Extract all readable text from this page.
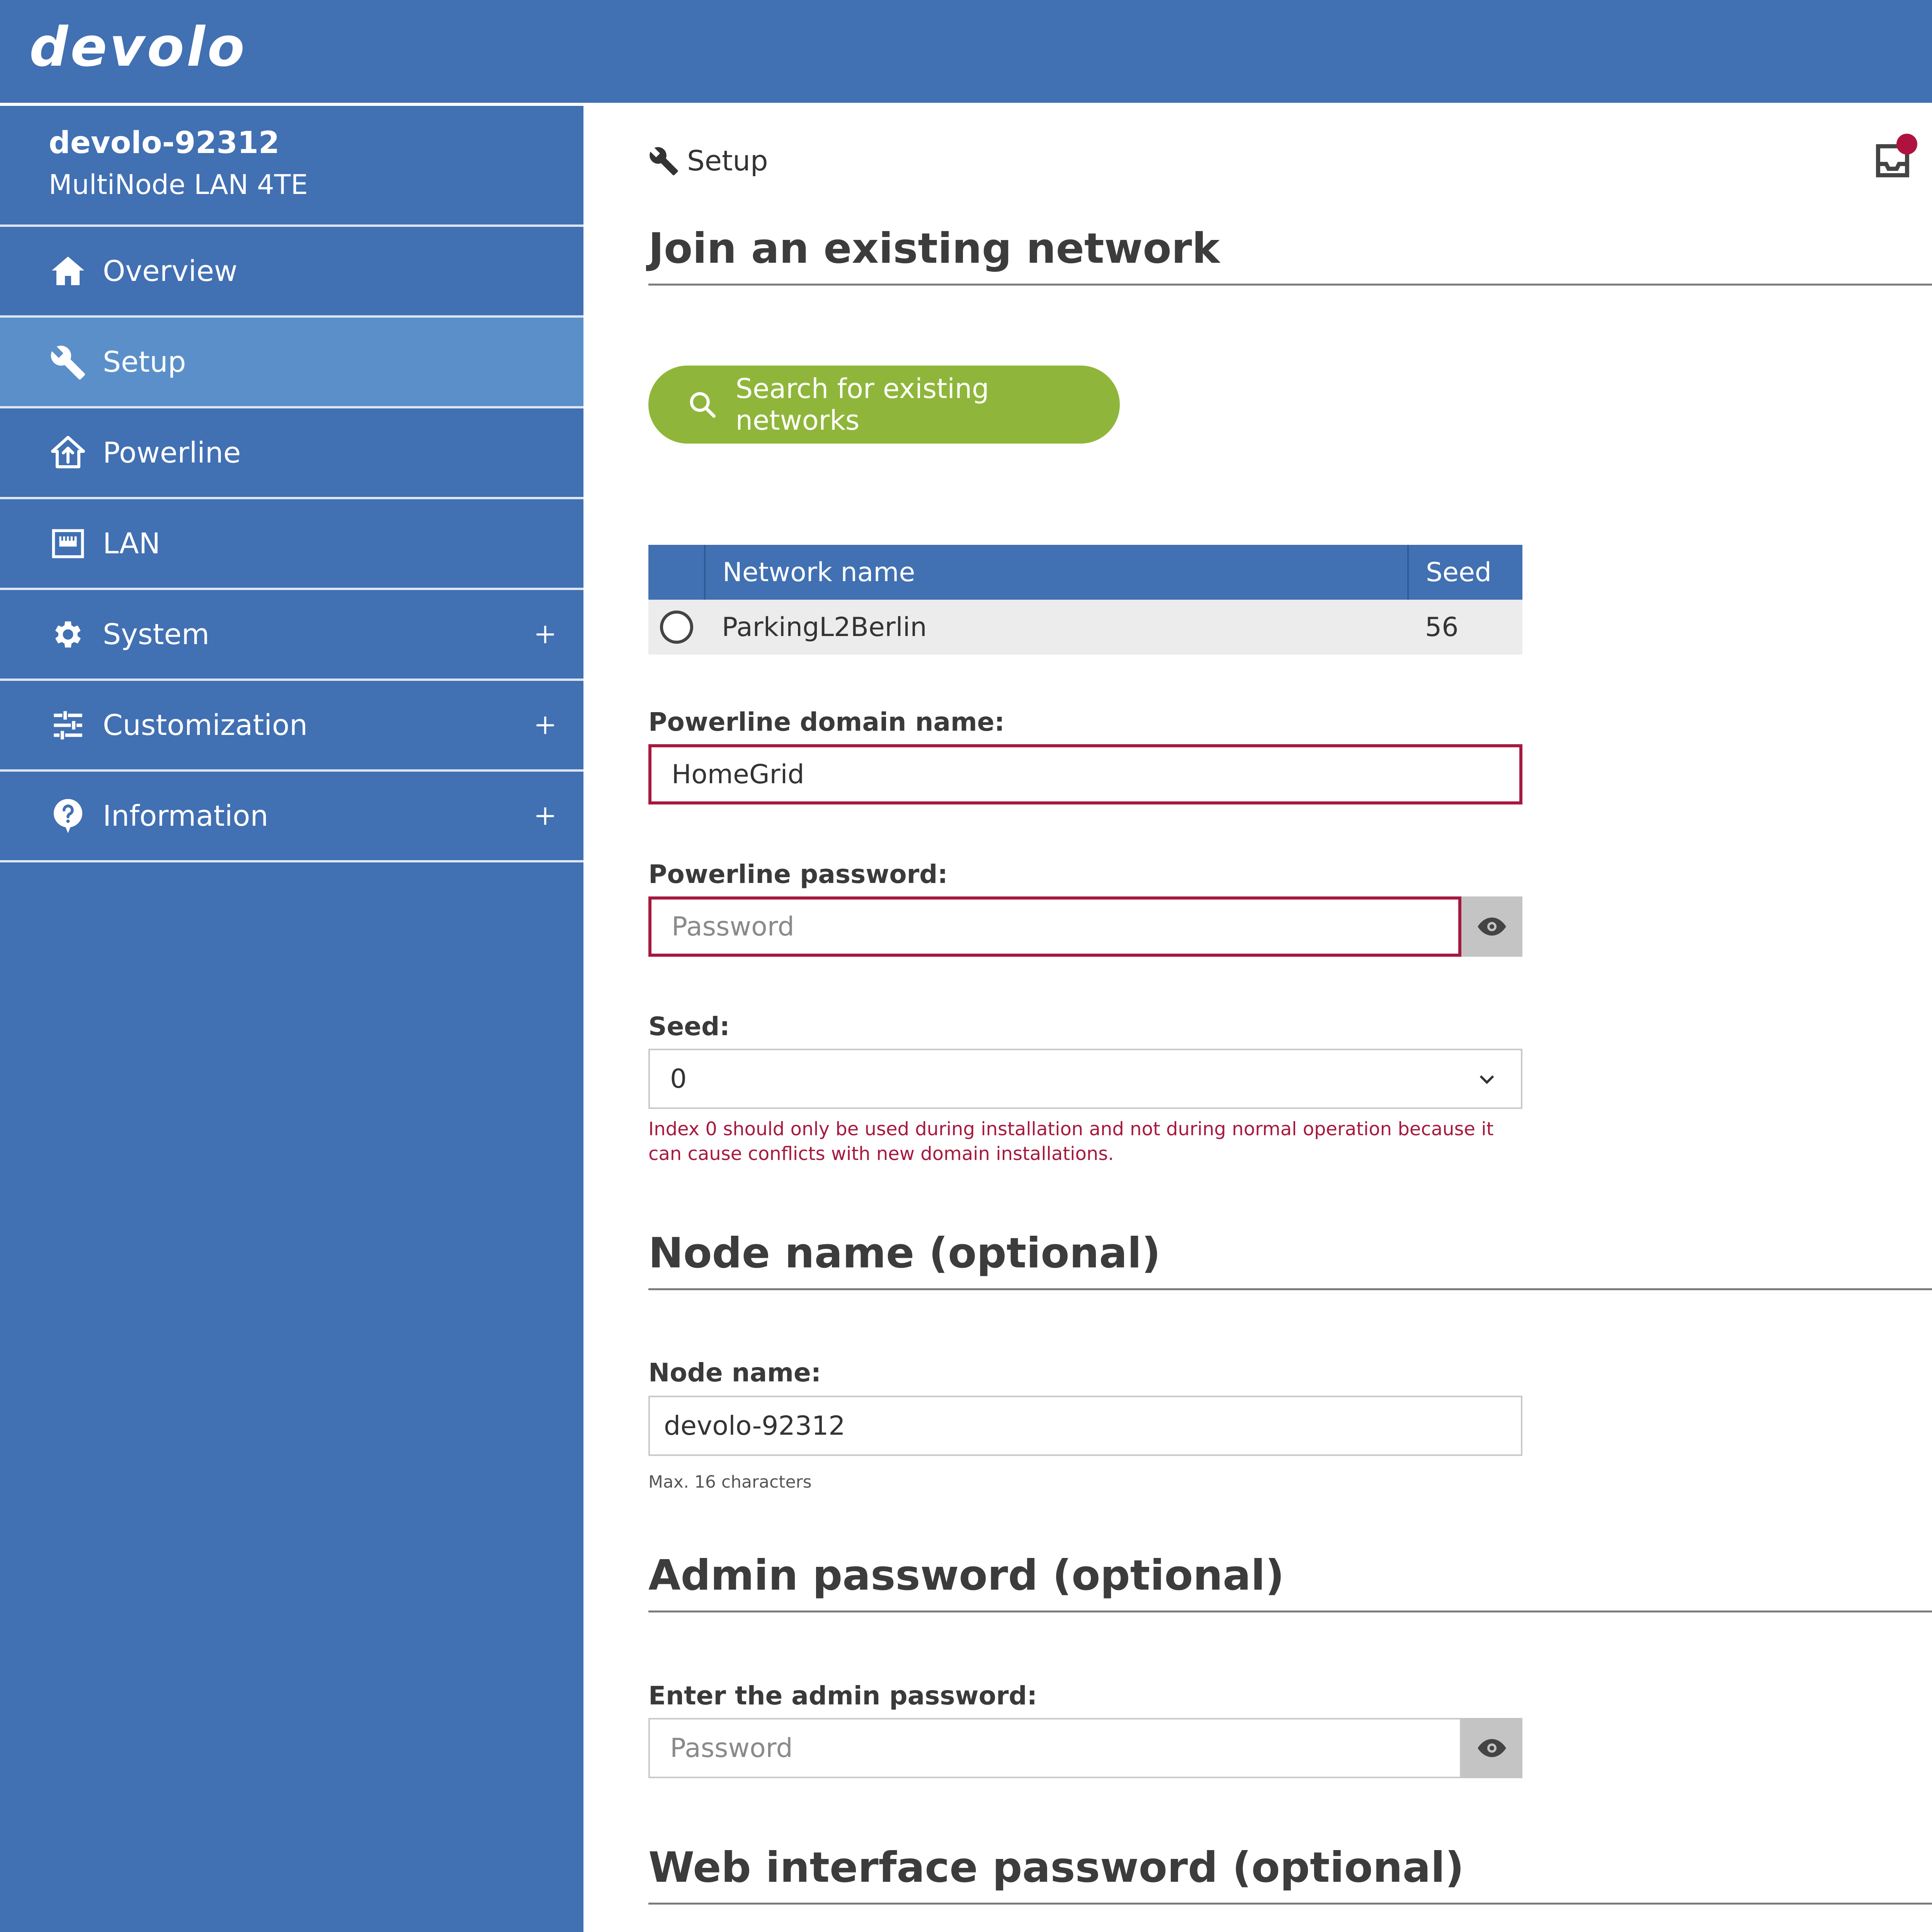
devolo
devolo-92312
MultiNode LAN 4TE
Overview
Setup
Powerline
LAN
System
Customization
Information
Setup
Join an existing network
Search for existing networks
	Network name	Seed

	ParkingL2Berlin	56
Powerline domain name:
HomeGrid
Powerline password:
Password
Seed:
0
Index 0 should only be used during installation and not during normal operation because it can cause conflicts with new domain installations.
Node name (optional)
Node name:
devolo-92312
Max. 16 characters
Admin password (optional)
Enter the admin password:
Password
Web interface password (optional)
